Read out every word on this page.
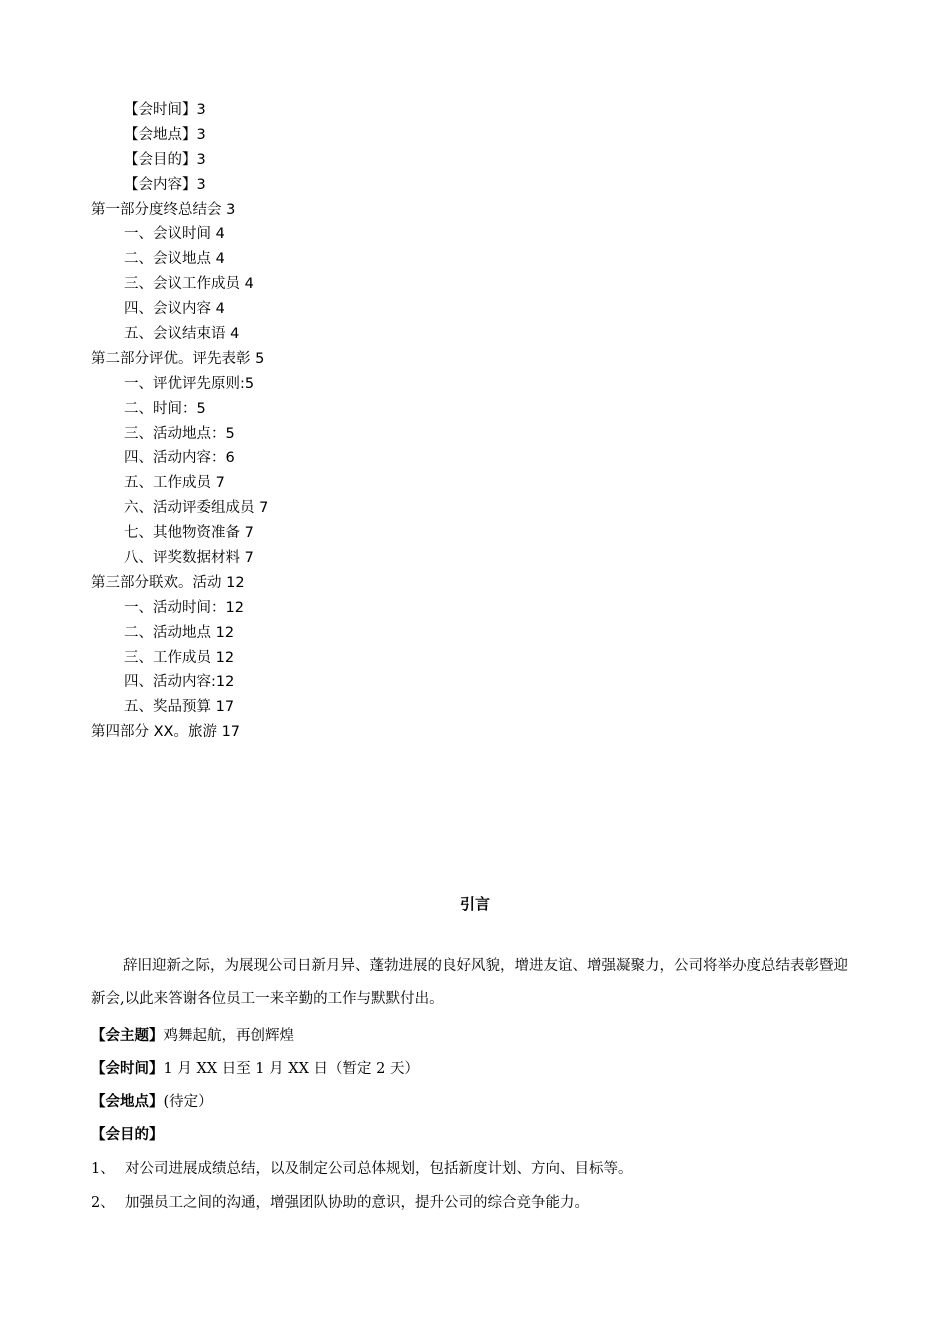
【会时间】3
【会地点】3
【会目的】3
【会内容】3
第一部分度终总结会 3
一、会议时间 4
二、会议地点 4
三、会议工作成员 4
四、会议内容 4
五、会议结束语 4
第二部分评优。评先表彰 5
一、评优评先原则:5
二、时间：5
三、活动地点：5
四、活动内容：6
五、工作成员 7
六、活动评委组成员 7
七、其他物资准备 7
八、评奖数据材料 7
第三部分联欢。活动 12
一、活动时间：12
二、活动地点 12
三、工作成员 12
四、活动内容:12
五、奖品预算 17
第四部分 XX。旅游 17
引言
辞旧迎新之际，为展现公司日新月异、蓬勃进展的良好风貌，增进友谊、增强凝聚力，公司将举办度总结表彰暨迎新会,以此来答谢各位员工一来辛勤的工作与默默付出。
【会主题】鸡舞起航，再创辉煌
【会时间】1 月 XX 日至 1 月 XX 日（暂定 2 天）
【会地点】(待定）
【会目的】
1、 对公司进展成绩总结，以及制定公司总体规划，包括新度计划、方向、目标等。
2、 加强员工之间的沟通，增强团队协助的意识，提升公司的综合竞争能力。
